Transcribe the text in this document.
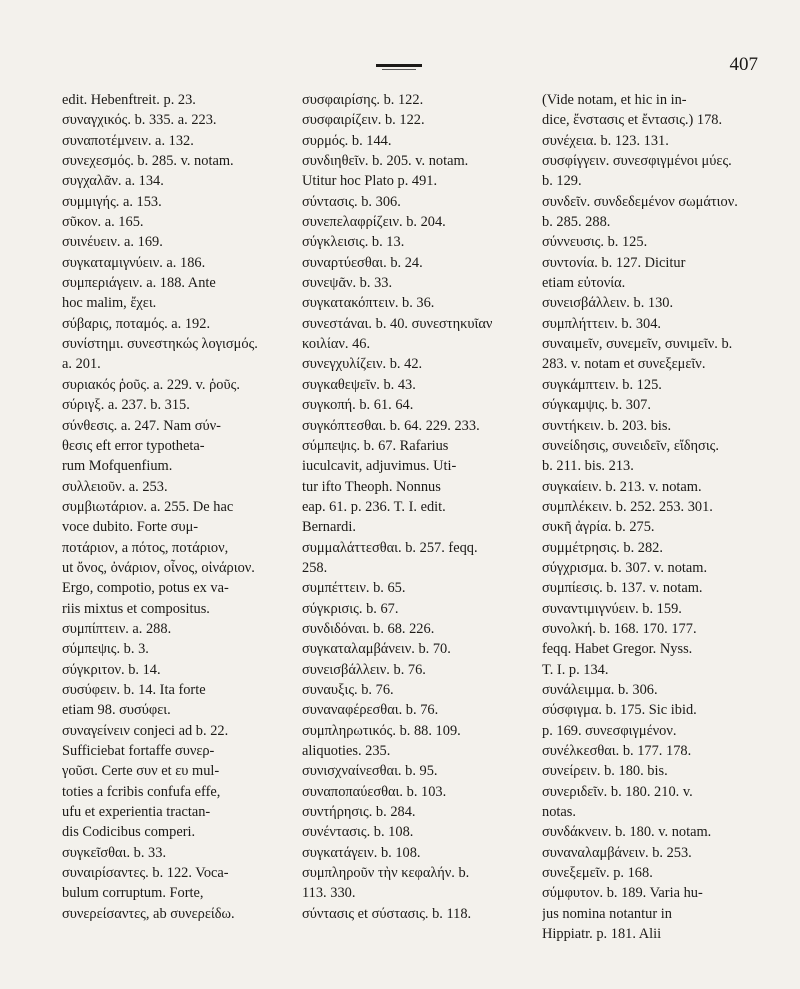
407
edit. Hebenftreit. p. 23.
συναγχικός. b. 335. a. 223.
συναποτέμνειν. a. 132.
συνεχεσμός. b. 285. v. notam.
συγχαλᾶν. a. 134.
συμμιγής. a. 153.
σῦκον. a. 165.
συινέυειν. a. 169.
συγκαταμιγνύειν. a. 186.
συμπεριάγειν. a. 188. Ante
hoc malim, ἔχει.
σύβαρις, ποταμός. a. 192.
συνίστημι. συνεστηκώς λογισμός.
a. 201.
συριακός ῥοῦς. a. 229. v. ῥοῦς.
σύριγξ. a. 237. b. 315.
σύνθεσις. a. 247. Nam σύν-
θεσις eft error typotheta-
rum Mofquenfium.
συλλειοῦν. a. 253.
συμβιωτάριον. a. 255. De hac
voce dubito. Forte συμ-
ποτάριον, a πότος, ποτάριον,
ut ὄνος, ὀνάριον, οἶνος, οἰνάριον.
Ergo, compotio, potus ex va-
riis mixtus et compositus.
συμπίπτειν. a. 288.
σύμπεψις. b. 3.
σύγκριτον. b. 14.
συσύφειν. b. 14. Ita forte
etiam 98. συσύφει.
συναγείνειν conjeci ad b. 22.
Sufficiebat fortaffe συνερ-
γοῦσι. Certe συν et ευ mul-
toties a fcribis confufa effe,
ufu et experientia tractan-
dis Codicibus comperi.
συγκεῖσθαι. b. 33.
συναιρίσαντες. b. 122. Voca-
bulum corruptum. Forte,
συνερείσαντες, ab συνερείδω.
συσφαιρίσης. b. 122.
συσφαιρίζειν. b. 122.
συρμός. b. 144.
συνδιηθεῖν. b. 205. v. notam.
Utitur hoc Plato p. 491.
σύντασις. b. 306.
συνεπελαφρίζειν. b. 204.
σύγκλεισις. b. 13.
συναρτύεσθαι. b. 24.
συνεψᾶν. b. 33.
συγκατακόπτειν. b. 36.
συνεστάναι. b. 40. συνεστηκυῖαν
κοιλίαν. 46.
συνεγχυλίζειν. b. 42.
συγκαθεψεῖν. b. 43.
συγκοπή. b. 61. 64.
συγκόπτεσθαι. b. 64. 229. 233.
σύμπεψις. b. 67. Rafarius
iuculcavit, adjuvimus. Uti-
tur ifto Theoph. Nonnus
eap. 61. p. 236. T. I. edit.
Bernardi.
συμμαλάττεσθαι. b. 257. feqq.
258.
συμπέττειν. b. 65.
σύγκρισις. b. 67.
συνδιδόναι. b. 68. 226.
συγκαταλαμβάνειν. b. 70.
συνεισβάλλειν. b. 76.
συναυξις. b. 76.
συναναφέρεσθαι. b. 76.
συμπληρωτικός. b. 88. 109.
aliquoties. 235.
συνισχναίνεσθαι. b. 95.
συναποπαύεσθαι. b. 103.
συντήρησις. b. 284.
συνέντασις. b. 108.
συγκατάγειν. b. 108.
συμπληροῦν τὴν κεφαλήν. b.
113. 330.
σύντασις et σύστασις. b. 118.
(Vide notam, et hic in in-
dice, ἔνστασις et ἔντασις.) 178.
συνέχεια. b. 123. 131.
συσφίγγειν. συνεσφιγμένοι μύες.
b. 129.
συνδεῖν. συνδεδεμένον σωμάτιον.
b. 285. 288.
σύννευσις. b. 125.
συντονία. b. 127. Dicitur
etiam εὐτονία.
συνεισβάλλειν. b. 130.
συμπλήττειν. b. 304.
συναιμεῖν, συνεμεῖν, συνιμεῖν. b.
283. v. notam et συνεξεμεῖν.
συγκάμπτειν. b. 125.
σύγκαμψις. b. 307.
συντήκειν. b. 203. bis.
συνείδησις, συνειδεῖν, εἴδησις.
b. 211. bis. 213.
συγκαίειν. b. 213. v. notam.
συμπλέκειν. b. 252. 253. 301.
συκῆ ἀγρία. b. 275.
συμμέτρησις. b. 282.
σύγχρισμα. b. 307. v. notam.
συμπίεσις. b. 137. v. notam.
συναντιμιγνύειν. b. 159.
συνολκή. b. 168. 170. 177.
feqq. Habet Gregor. Nyss.
T. I. p. 134.
συνάλειμμα. b. 306.
σύσφιγμα. b. 175. Sic ibid.
p. 169. συνεσφιγμένον.
συνέλκεσθαι. b. 177. 178.
συνείρειν. b. 180. bis.
συνεριδεῖν. b. 180. 210. v.
notas.
συνδάκνειν. b. 180. v. notam.
συναναλαμβάνειν. b. 253.
συνεξεμεῖν. p. 168.
σύμφυτον. b. 189. Varia hu-
jus nomina notantur in
Hippiatr. p. 181. Alii
